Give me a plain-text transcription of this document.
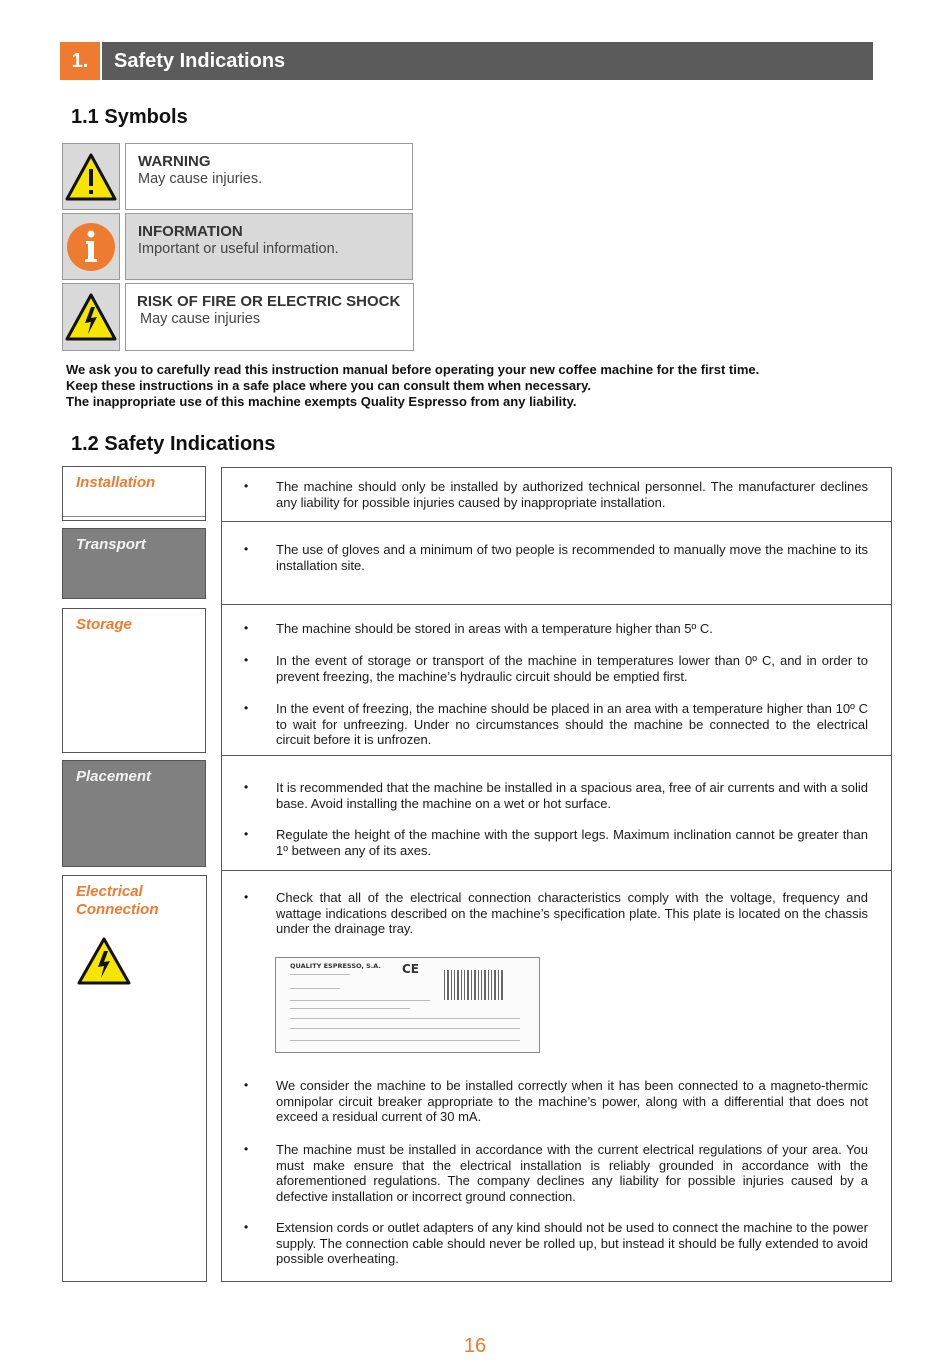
1.	Safety Indications
1.1 Symbols
WARNING
May cause injuries.
INFORMATION
Important or useful information.
RISK OF FIRE OR ELECTRIC SHOCK
May cause injuries
We ask you to carefully read this instruction manual before operating your new coffee machine for the first time.
Keep these instructions in a safe place where you can consult them when necessary.
The inappropriate use of this machine exempts Quality Espresso from any liability.
1.2 Safety Indications
Installation
Transport
Storage
Placement
Electrical Connection
• The machine should only be installed by authorized technical personnel. The manufacturer declines any liability for possible injuries caused by inappropriate installation.
• The use of gloves and a minimum of two people is recommended to manually move the machine to its installation site.
• The machine should be stored in areas with a temperature higher than 5º C.
• In the event of storage or transport of the machine in temperatures lower than 0º C, and in order to prevent freezing, the machine’s hydraulic circuit should be emptied first.
• In the event of freezing, the machine should be placed in an area with a temperature higher than 10º C to wait for unfreezing. Under no circumstances should the machine be connected to the electrical circuit before it is unfrozen.
• It is recommended that the machine be installed in a spacious area, free of air currents and with a solid base. Avoid installing the machine on a wet or hot surface.
• Regulate the height of the machine with the support legs. Maximum inclination cannot be greater than 1º between any of its axes.
• Check that all of the electrical connection characteristics comply with the voltage, frequency and wattage indications described on the machine’s specification plate. This plate is located on the chassis under the drainage tray.
QUALITY ESPRESSO, S.A. CE
• We consider the machine to be installed correctly when it has been connected to a magneto-thermic omnipolar circuit breaker appropriate to the machine’s power, along with a differential that does not exceed a residual current of 30 mA.
• The machine must be installed in accordance with the current electrical regulations of your area. You must make ensure that the electrical installation is reliably grounded in accordance with the aforementioned regulations. The company declines any liability for possible injuries caused by a defective installation or incorrect ground connection.
• Extension cords or outlet adapters of any kind should not be used to connect the machine to the power supply. The connection cable should never be rolled up, but instead it should be fully extended to avoid possible overheating.
16
